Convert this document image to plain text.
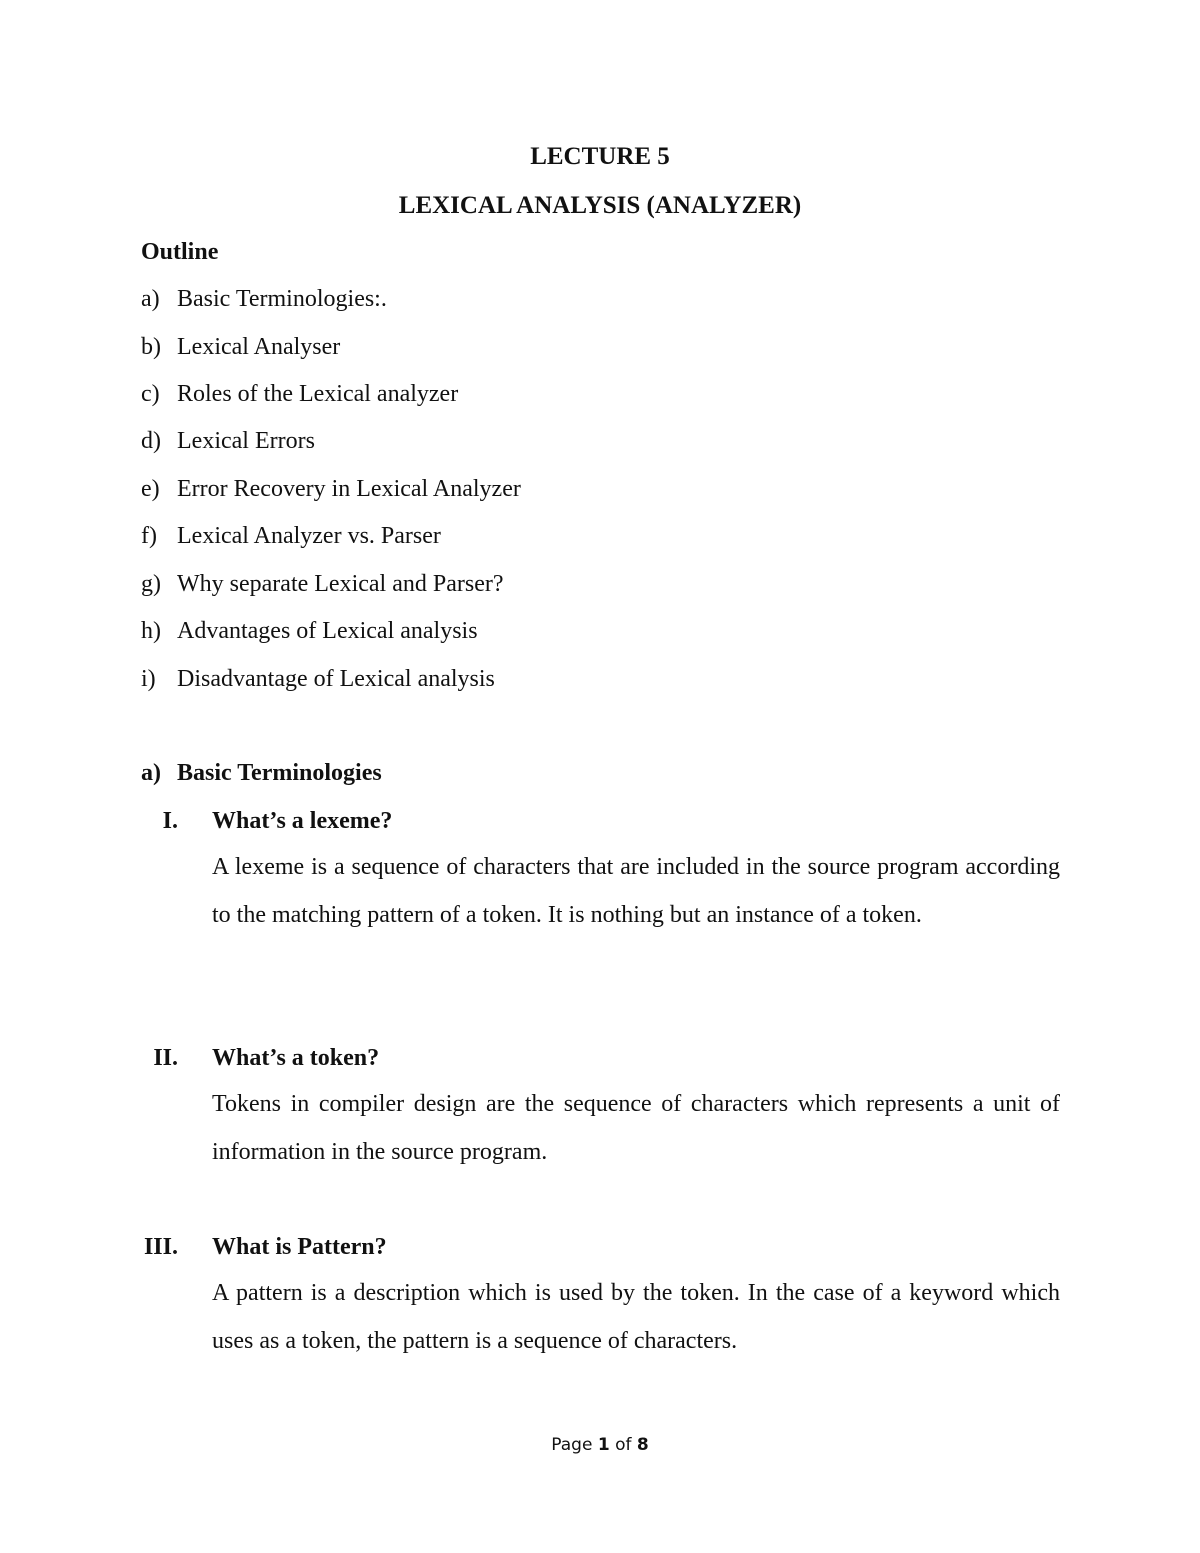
LECTURE 5
LEXICAL ANALYSIS (ANALYZER)
Outline
a) Basic Terminologies:.
b) Lexical Analyser
c) Roles of the Lexical analyzer
d) Lexical Errors
e) Error Recovery in Lexical Analyzer
f) Lexical Analyzer vs. Parser
g) Why separate Lexical and Parser?
h) Advantages of Lexical analysis
i) Disadvantage of Lexical analysis
a) Basic Terminologies
I. What’s a lexeme?
A lexeme is a sequence of characters that are included in the source program according to the matching pattern of a token. It is nothing but an instance of a token.
II. What’s a token?
Tokens in compiler design are the sequence of characters which represents a unit of information in the source program.
III. What is Pattern?
A pattern is a description which is used by the token. In the case of a keyword which uses as a token, the pattern is a sequence of characters.
Page 1 of 8
